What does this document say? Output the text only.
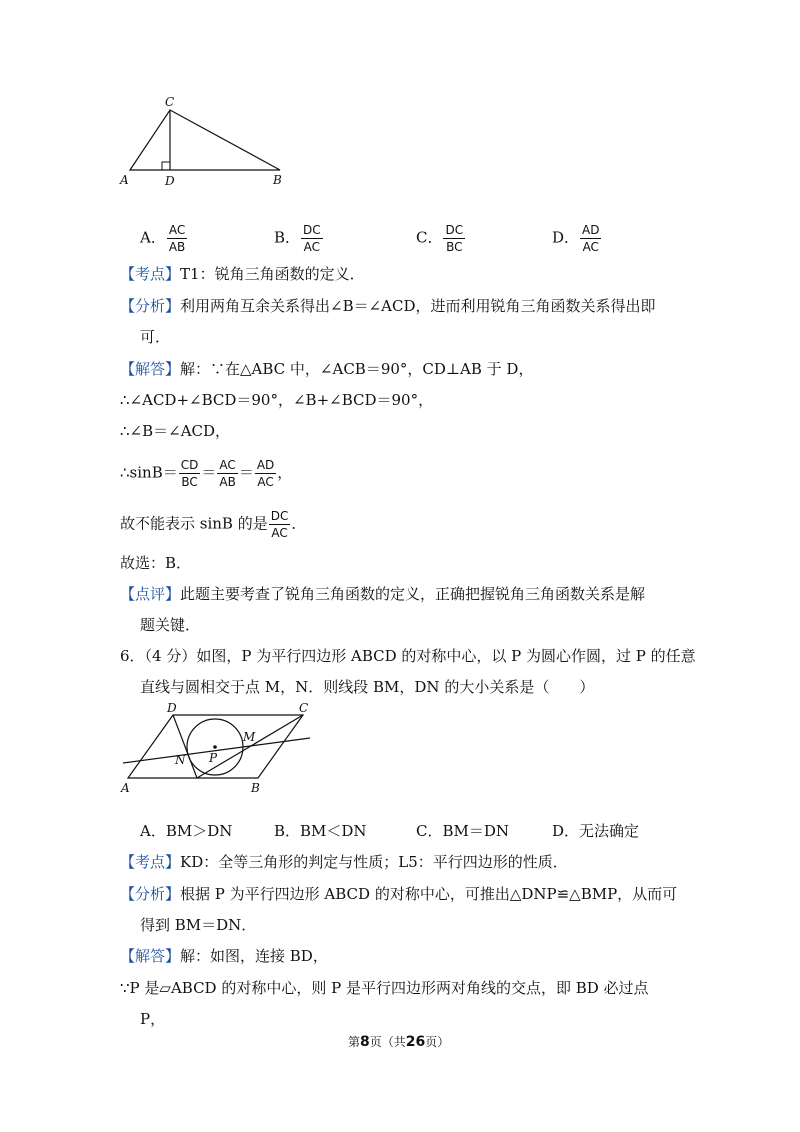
C
A	D	B
A． $\frac{AC}{AB}$	B． $\frac{DC}{AC}$	C． $\frac{DC}{BC}$	D． $\frac{AD}{AC}$
【考点】T1：锐角三角函数的定义．
【分析】利用两角互余关系得出∠B＝∠ACD，进而利用锐角三角函数关系得出即
可．
【解答】解：∵在△ABC 中，∠ACB＝90°，CD⊥AB 于 D，
∴∠ACD+∠BCD＝90°，∠B+∠BCD＝90°，
∴∠B＝∠ACD，
∴sinB＝ $\frac{CD}{BC} = \frac{AC}{AB} = \frac{AD}{AC}$ ，
故不能表示 sinB 的是 $\frac{DC}{AC}$ ．
故选：B．
【点评】此题主要考查了锐角三角函数的定义，正确把握锐角三角函数关系是解
题关键．
6．（4 分）如图，P 为平行四边形 ABCD 的对称中心，以 P 为圆心作圆，过 P 的任意
直线与圆相交于点 M，N．则线段 BM，DN 的大小关系是（　　）
D	C
A	B
M
N P
A．BM＞DN	B．BM＜DN	C．BM＝DN	D．无法确定
【考点】KD：全等三角形的判定与性质；L5：平行四边形的性质．
【分析】根据 P 为平行四边形 ABCD 的对称中心，可推出△DNP≌△BMP，从而可
得到 BM＝DN．
【解答】解：如图，连接 BD，
∵P 是▱ABCD 的对称中心，则 P 是平行四边形两对角线的交点，即 BD 必过点
P，
第8页（共26页）
